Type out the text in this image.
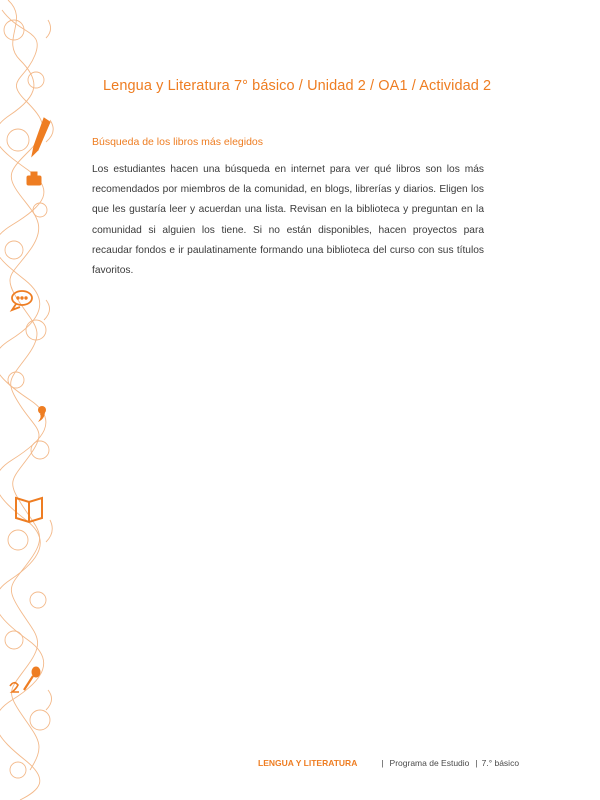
Lengua y Literatura 7° básico / Unidad 2 / OA1 / Actividad 2
Búsqueda de los libros más elegidos

Los estudiantes hacen una búsqueda en internet para ver qué libros son los más recomendados por miembros de la comunidad, en blogs, librerías y diarios. Eligen los que les gustaría leer y acuerdan una lista. Revisan en la biblioteca y preguntan en la comunidad si alguien los tiene. Si no están disponibles, hacen proyectos para recaudar fondos e ir paulatinamente formando una biblioteca del curso con sus títulos favoritos.

LENGUA Y LITERATURA	| Programa de Estudio | 7.° básico
